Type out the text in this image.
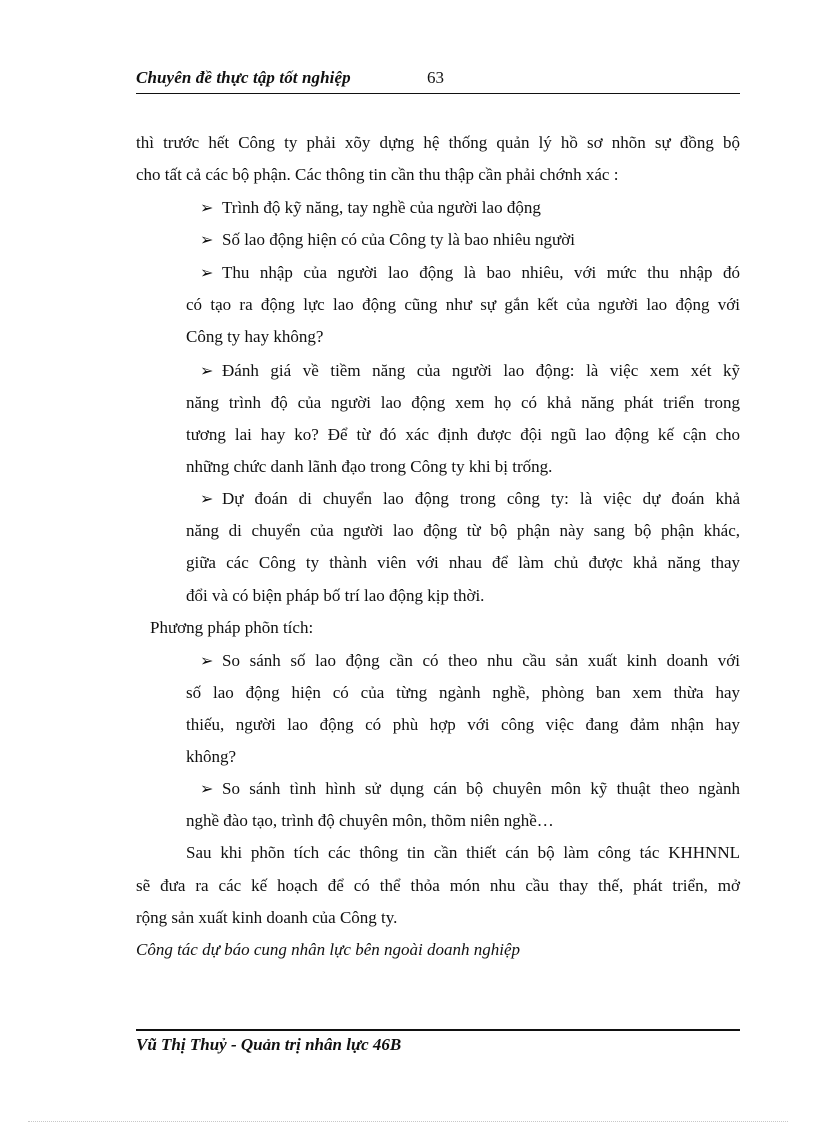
Chuyên đề thực tập tốt nghiệp	63
thì trước hết Công ty phải xõy dựng hệ thống quản lý hồ sơ nhõn sự đồng bộ
cho tất cả các bộ phận. Các thông tin cần thu thập cần phải chớnh xác :
➢ Trình độ kỹ năng, tay nghề của người lao động
➢ Số lao động hiện có của Công ty là bao nhiêu người
➢ Thu nhập của người lao động là bao nhiêu, với mức thu nhập đó
có tạo ra động lực lao động cũng như sự gắn kết của người lao động với
Công ty hay không?
➢ Đánh giá về tiềm năng của người lao động: là việc xem xét kỹ
năng trình độ của người lao động xem họ có khả năng phát triển trong
tương lai hay ko? Để từ đó xác định được đội ngũ lao động kế cận cho
những chức danh lãnh đạo trong Công ty khi bị trống.
➢ Dự đoán di chuyển lao động trong công ty: là việc dự đoán khả
năng di chuyển của người lao động từ bộ phận này sang bộ phận khác,
giữa các Công ty thành viên với nhau để làm chủ được khả năng thay
đổi và có biện pháp bố trí lao động kịp thời.
Phương pháp phõn tích:
➢ So sánh số lao động cần có theo nhu cầu sản xuất kinh doanh với
số lao động hiện có của từng ngành nghề, phòng ban xem thừa hay
thiếu, người lao động có phù hợp với công việc đang đảm nhận hay
không?
➢ So sánh tình hình sử dụng cán bộ chuyên môn kỹ thuật theo ngành
nghề đào tạo, trình độ chuyên môn, thõm niên nghề…
Sau khi phõn tích các thông tin cần thiết cán bộ làm công tác KHHNNL
sẽ đưa ra các kế hoạch để có thể thỏa món nhu cầu thay thế, phát triển, mở
rộng sản xuất kinh doanh của Công ty.
Công tác dự báo cung nhân lực bên ngoài doanh nghiệp
Vũ Thị Thuỷ - Quản trị nhân lực 46B
